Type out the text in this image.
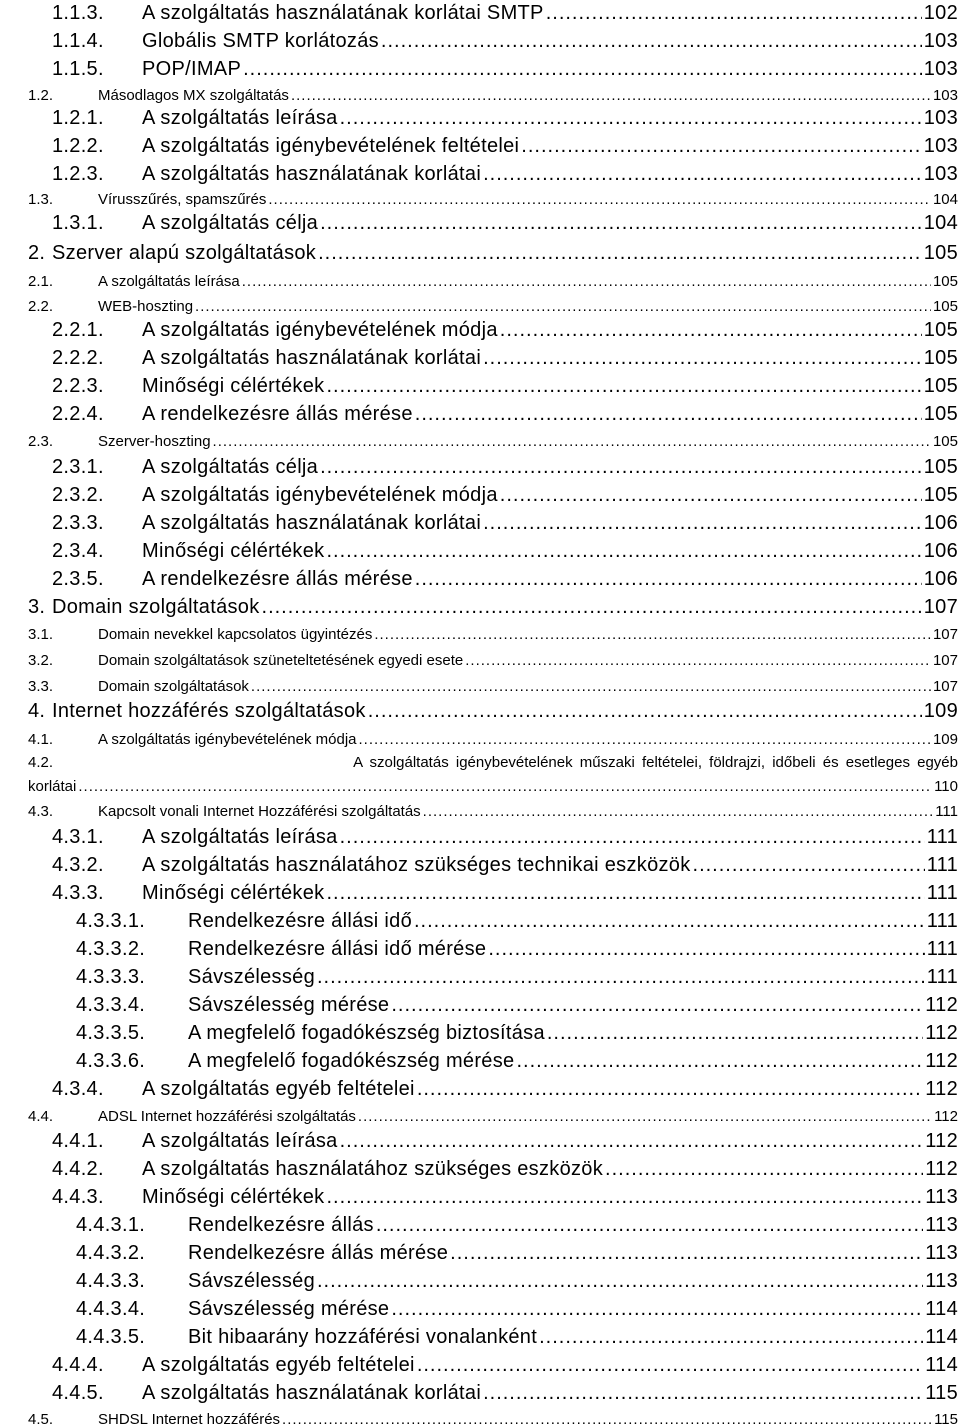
1.1.3.	A szolgáltatás használatának korlátai SMTP .....	102
1.1.4.	Globális SMTP korlátozás .....	103
1.1.5.	POP/IMAP .....	103
1.2.	Másodlagos MX szolgáltatás .....	103
1.2.1.	A szolgáltatás leírása .....	103
1.2.2.	A szolgáltatás igénybevételének feltételei .....	103
1.2.3.	A szolgáltatás használatának korlátai .....	103
1.3.	Vírusszűrés, spamszűrés .....	104
1.3.1.	A szolgáltatás célja .....	104
2. Szerver alapú szolgáltatások .....	105
2.1.	A szolgáltatás leírása .....	105
2.2.	WEB-hoszting .....	105
2.2.1.	A szolgáltatás igénybevételének módja .....	105
2.2.2.	A szolgáltatás használatának korlátai .....	105
2.2.3.	Minőségi célértékek .....	105
2.2.4.	A rendelkezésre állás mérése .....	105
2.3.	Szerver-hoszting .....	105
2.3.1.	A szolgáltatás célja .....	105
2.3.2.	A szolgáltatás igénybevételének módja .....	105
2.3.3.	A szolgáltatás használatának korlátai .....	106
2.3.4.	Minőségi célértékek .....	106
2.3.5.	A rendelkezésre állás mérése .....	106
3. Domain szolgáltatások .....	107
3.1.	Domain nevekkel kapcsolatos ügyintézés .....	107
3.2.	Domain szolgáltatások szüneteltetésének egyedi esete .....	107
3.3.	Domain szolgáltatások .....	107
4. Internet hozzáférés szolgáltatások .....	109
4.1.	A szolgáltatás igénybevételének módja .....	109
4.2.	A szolgáltatás igénybevételének műszaki feltételei, földrajzi, időbeli és esetleges egyéb
korlátai .....	110
4.3.	Kapcsolt vonali Internet Hozzáférési szolgáltatás .....	111
4.3.1.	A szolgáltatás leírása .....	111
4.3.2.	A szolgáltatás használatához szükséges technikai eszközök .....	111
4.3.3.	Minőségi célértékek .....	111
4.3.3.1.	Rendelkezésre állási idő .....	111
4.3.3.2.	Rendelkezésre állási idő mérése .....	111
4.3.3.3.	Sávszélesség .....	111
4.3.3.4.	Sávszélesség mérése .....	112
4.3.3.5.	A megfelelő fogadókészség biztosítása .....	112
4.3.3.6.	A megfelelő fogadókészség mérése .....	112
4.3.4.	A szolgáltatás egyéb feltételei .....	112
4.4.	ADSL Internet hozzáférési szolgáltatás .....	112
4.4.1.	A szolgáltatás leírása .....	112
4.4.2.	A szolgáltatás használatához szükséges eszközök .....	112
4.4.3.	Minőségi célértékek .....	113
4.4.3.1.	Rendelkezésre állás .....	113
4.4.3.2.	Rendelkezésre állás mérése .....	113
4.4.3.3.	Sávszélesség .....	113
4.4.3.4.	Sávszélesség mérése .....	114
4.4.3.5.	Bit hibaarány hozzáférési vonalanként .....	114
4.4.4.	A szolgáltatás egyéb feltételei .....	114
4.4.5.	A szolgáltatás használatának korlátai .....	115
4.5.	SHDSL Internet hozzáférés .....	115
